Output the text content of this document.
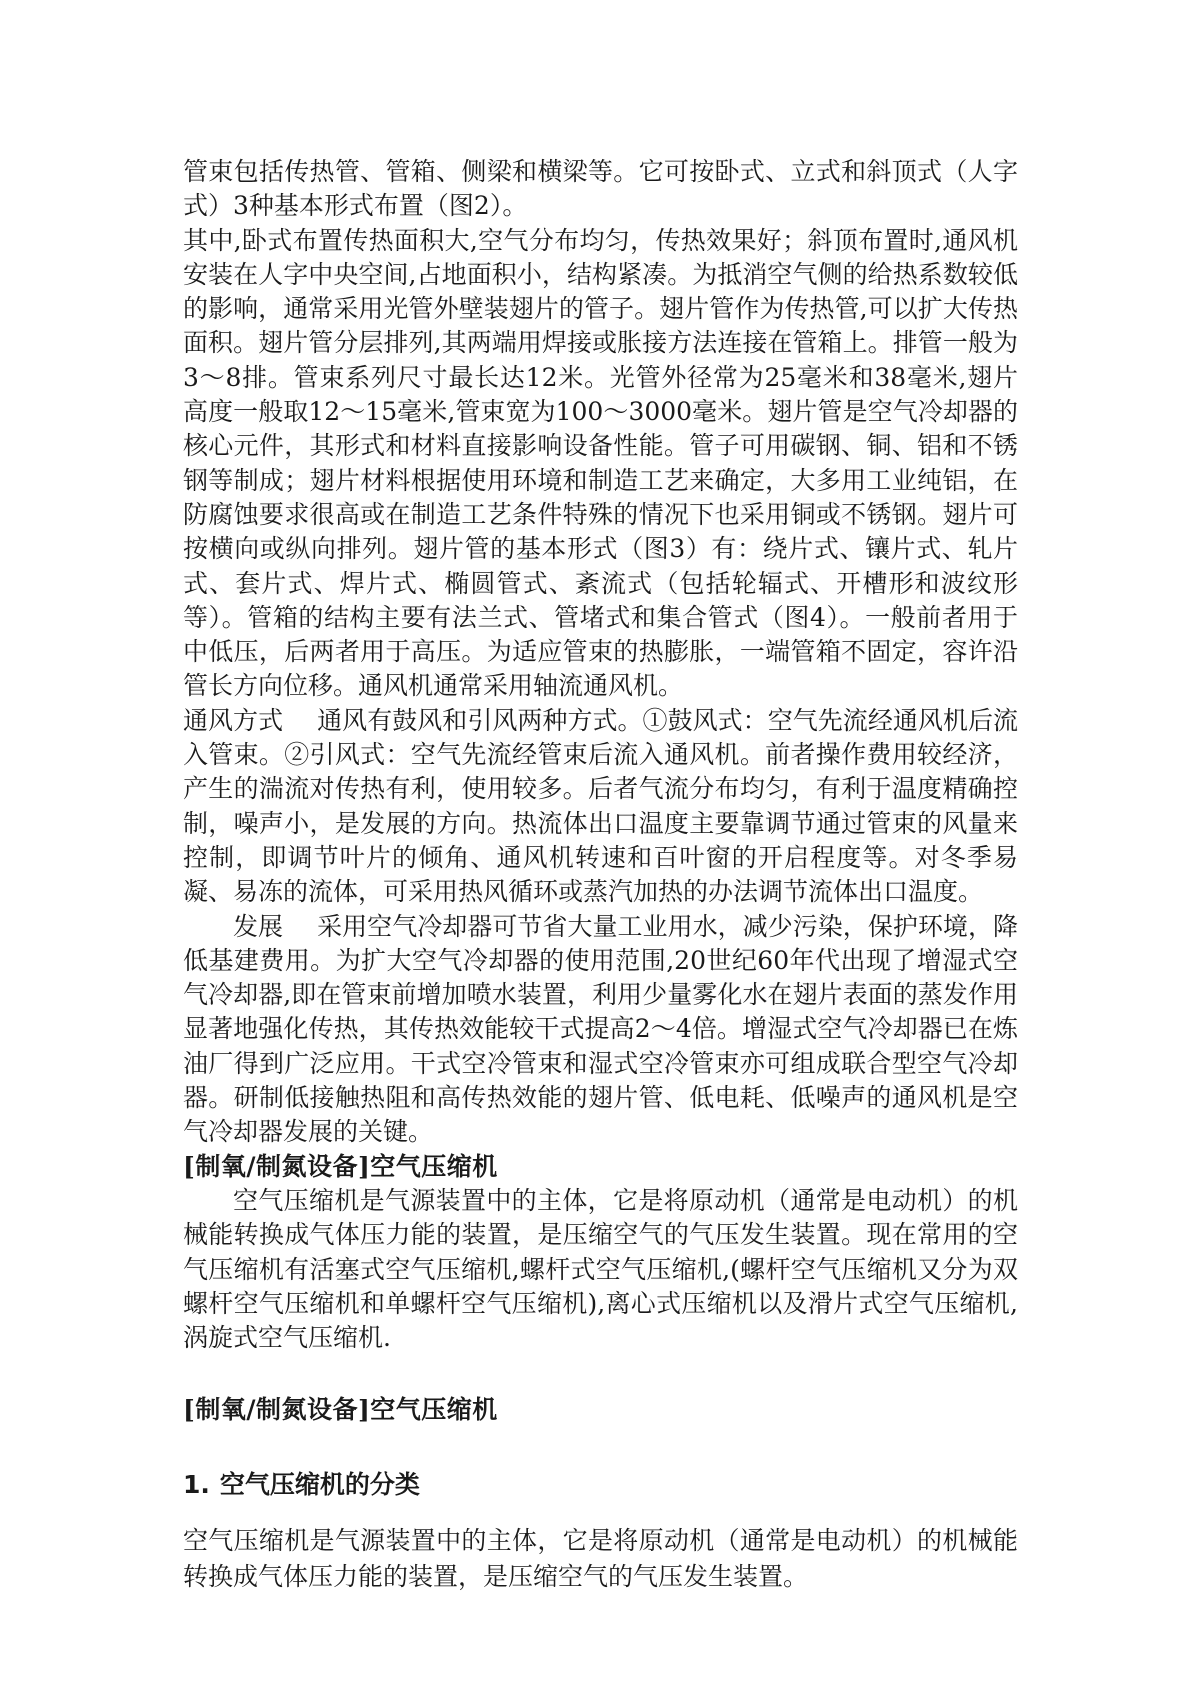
管束包括传热管、管箱、侧梁和横梁等。它可按卧式、立式和斜顶式（人字式）3种基本形式布置（图2）。

其中,卧式布置传热面积大,空气分布均匀，传热效果好；斜顶布置时,通风机安装在人字中央空间,占地面积小，结构紧凑。为抵消空气侧的给热系数较低的影响，通常采用光管外壁装翅片的管子。翅片管作为传热管,可以扩大传热面积。翅片管分层排列,其两端用焊接或胀接方法连接在管箱上。排管一般为3～8排。管束系列尺寸最长达12米。光管外径常为25毫米和38毫米,翅片高度一般取12～15毫米,管束宽为100～3000毫米。翅片管是空气冷却器的核心元件，其形式和材料直接影响设备性能。管子可用碳钢、铜、铝和不锈钢等制成；翅片材料根据使用环境和制造工艺来确定，大多用工业纯铝，在防腐蚀要求很高或在制造工艺条件特殊的情况下也采用铜或不锈钢。翅片可按横向或纵向排列。翅片管的基本形式（图3）有：绕片式、镶片式、轧片式、套片式、焊片式、椭圆管式、紊流式（包括轮辐式、开槽形和波纹形等）。管箱的结构主要有法兰式、管堵式和集合管式（图4）。一般前者用于中低压，后两者用于高压。为适应管束的热膨胀，一端管箱不固定，容许沿管长方向位移。通风机通常采用轴流通风机。

通风方式 通风有鼓风和引风两种方式。①鼓风式：空气先流经通风机后流入管束。②引风式：空气先流经管束后流入通风机。前者操作费用较经济，产生的湍流对传热有利，使用较多。后者气流分布均匀，有利于温度精确控制，噪声小，是发展的方向。热流体出口温度主要靠调节通过管束的风量来控制，即调节叶片的倾角、通风机转速和百叶窗的开启程度等。对冬季易凝、易冻的流体，可采用热风循环或蒸汽加热的办法调节流体出口温度。

发展 采用空气冷却器可节省大量工业用水，减少污染，保护环境，降低基建费用。为扩大空气冷却器的使用范围,20世纪60年代出现了增湿式空气冷却器,即在管束前增加喷水装置，利用少量雾化水在翅片表面的蒸发作用显著地强化传热，其传热效能较干式提高2～4倍。增湿式空气冷却器已在炼油厂得到广泛应用。干式空冷管束和湿式空冷管束亦可组成联合型空气冷却器。研制低接触热阻和高传热效能的翅片管、低电耗、低噪声的通风机是空气冷却器发展的关键。

[制氧/制氮设备]空气压缩机

空气压缩机是气源装置中的主体，它是将原动机（通常是电动机）的机械能转换成气体压力能的装置，是压缩空气的气压发生装置。现在常用的空气压缩机有活塞式空气压缩机,螺杆式空气压缩机,(螺杆空气压缩机又分为双螺杆空气压缩机和单螺杆空气压缩机),离心式压缩机以及滑片式空气压缩机,涡旋式空气压缩机.

[制氧/制氮设备]空气压缩机

1. 空气压缩机的分类

空气压缩机是气源装置中的主体，它是将原动机（通常是电动机）的机械能转换成气体压力能的装置，是压缩空气的气压发生装置。
